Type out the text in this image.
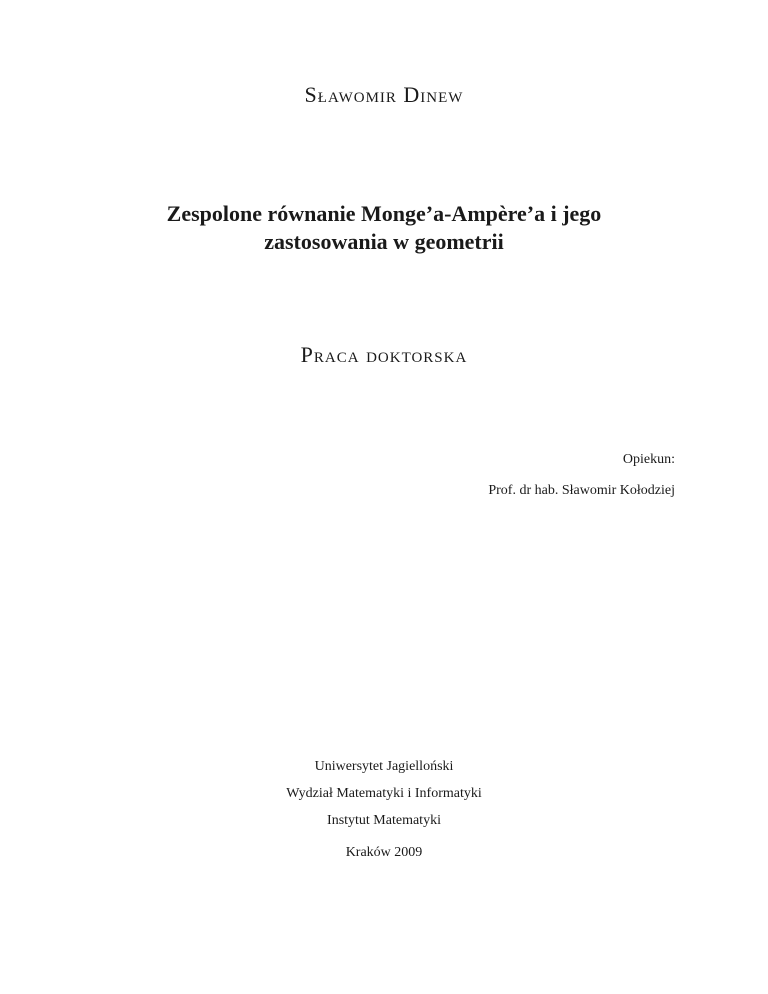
Sławomir Dinew
Zespolone równanie Monge’a-Ampère’a i jego zastosowania w geometrii
Praca doktorska
Opiekun:
Prof. dr hab. Sławomir Kołodziej
Uniwersytet Jagielloński
Wydział Matematyki i Informatyki
Instytut Matematyki
Kraków 2009
